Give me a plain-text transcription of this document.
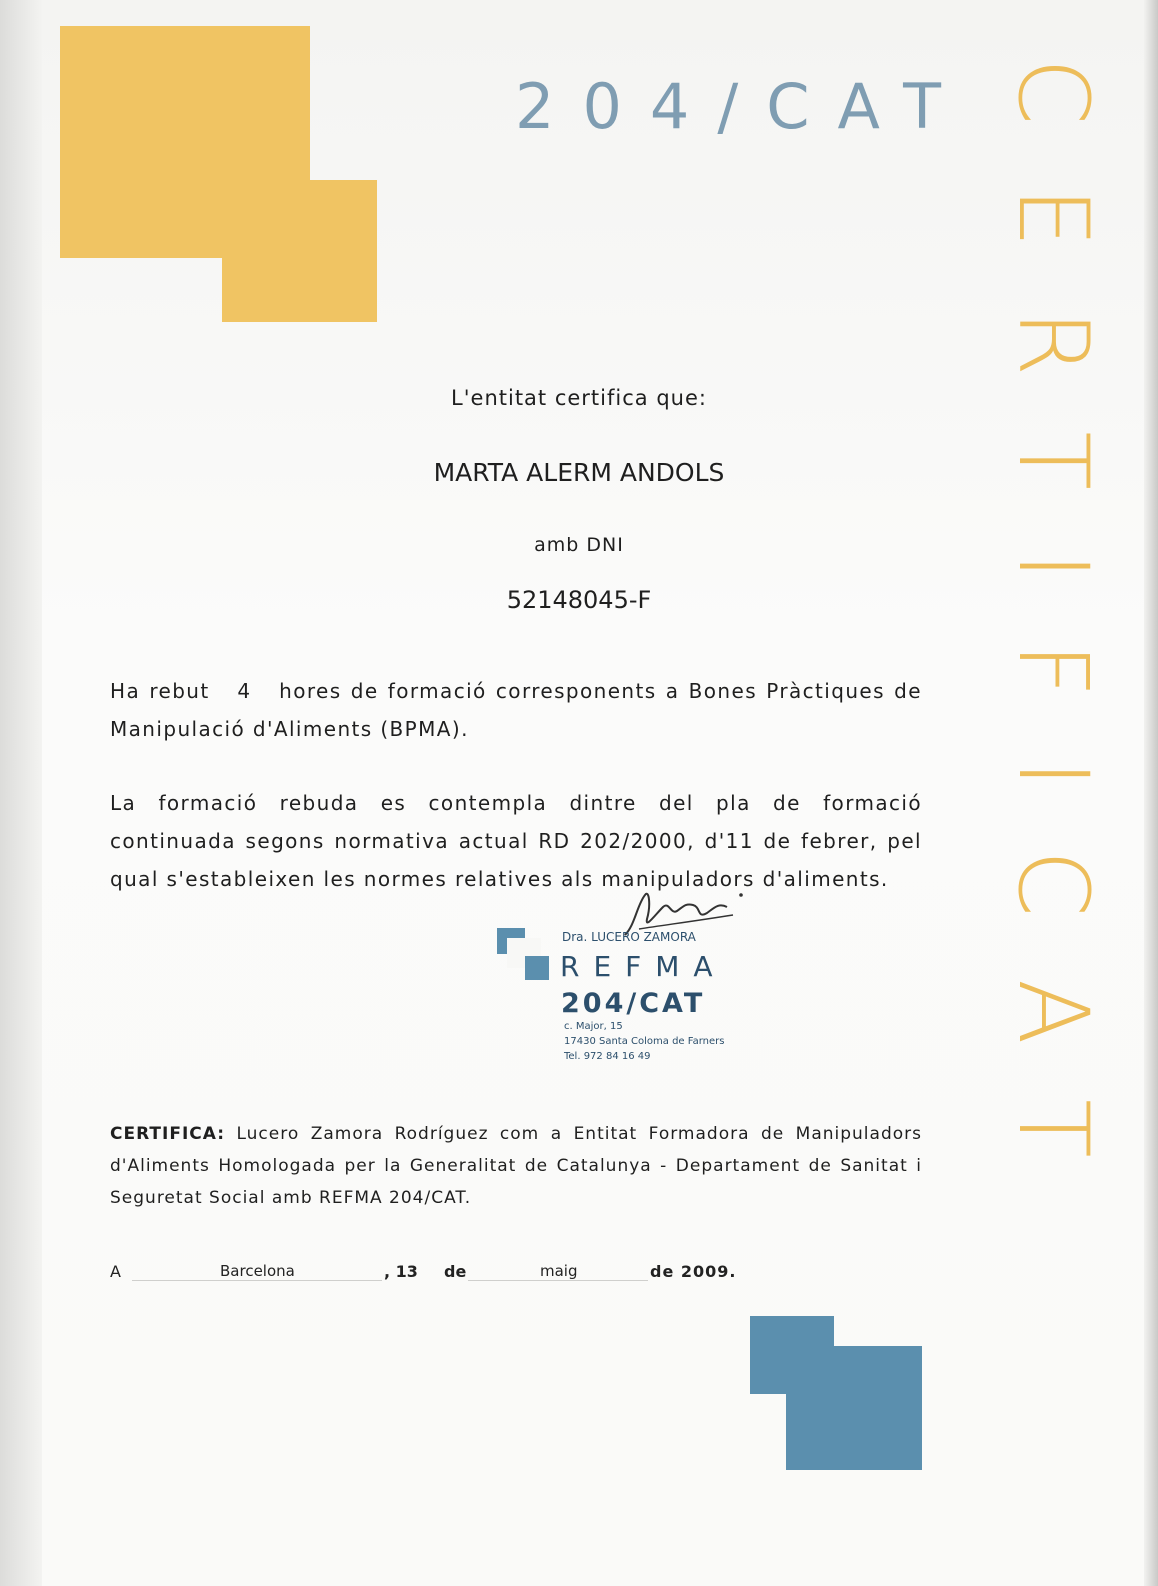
204/CAT CERTIFICAT
L'entitat certifica que:
MARTA ALERM ANDOLS
amb DNI
52148045-F
Ha rebut 4 hores de formació corresponents a Bones Pràctiques de Manipulació d'Aliments (BPMA).
La formació rebuda es contempla dintre del pla de formació continuada segons normativa actual RD 202/2000, d'11 de febrer, pel qual s'estableixen les normes relatives als manipuladors d'aliments.
Dra. LUCERO ZAMORA
REFMA
204/CAT
c. Major, 15
17430 Santa Coloma de Farners
Tel. 972 84 16 49
CERTIFICA: Lucero Zamora Rodríguez com a Entitat Formadora de Manipuladors d'Aliments Homologada per la Generalitat de Catalunya - Departament de Sanitat i Seguretat Social amb REFMA 204/CAT.
A	Barcelona	, 13 de	maig	de 2009.
